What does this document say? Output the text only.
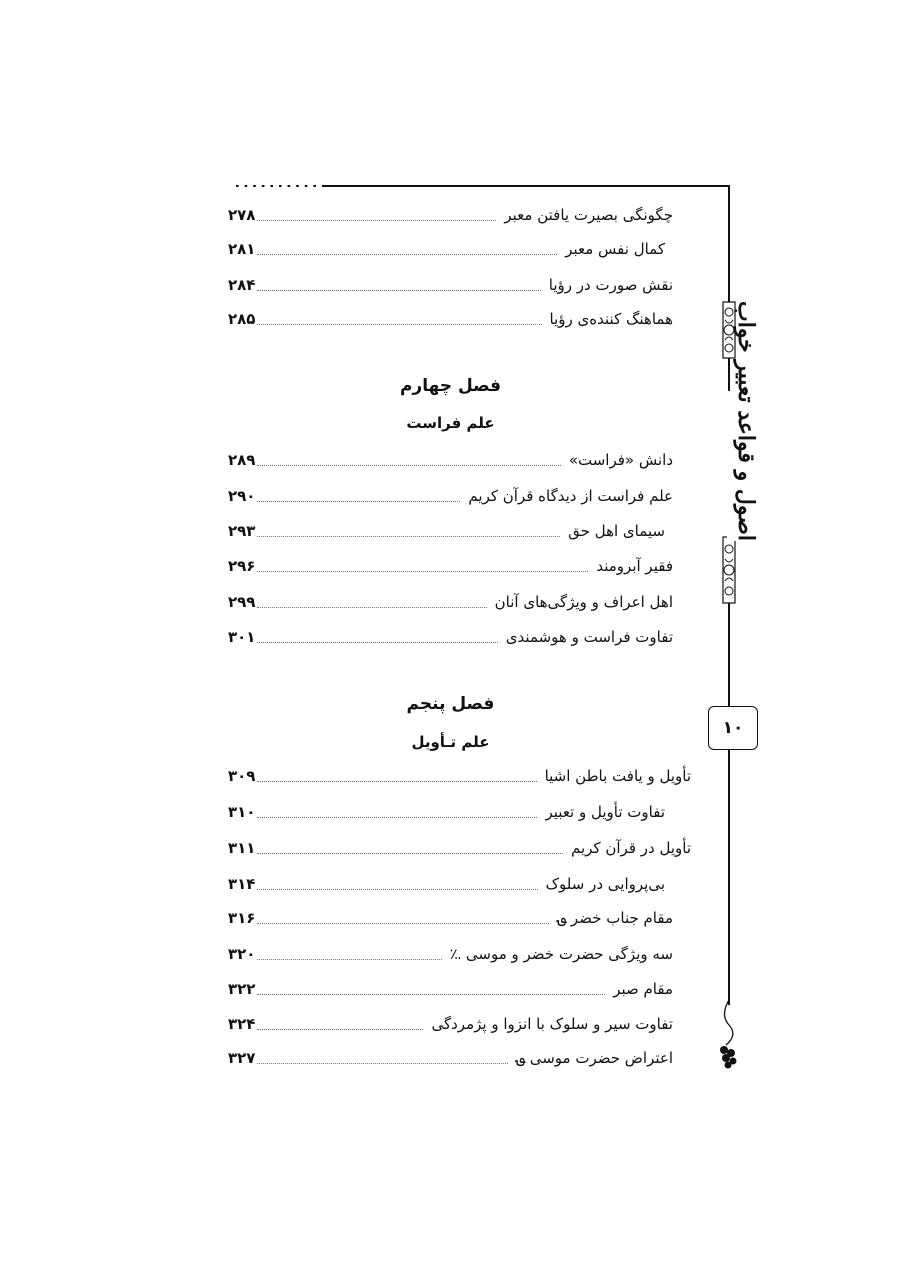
اصول و قواعد تعبیر خواب
۱۰
چگونگی بصیرت یافتن معبر
۲۷۸
کمال نفس معبر
۲۸۱
نقش صورت در رؤیا
۲۸۴
هماهنگ کننده‌ی رؤیا
۲۸۵
دانش «فراست»
۲۸۹
علم فراست از دیدگاه قرآن کریم
۲۹۰
سیمای اهل حق
۲۹۳
فقیر آبرومند
۲۹۶
اهل اعراف و ویژگی‌های آنان
۲۹۹
تفاوت فراست و هوشمندی
۳۰۱
تأویل و یافت باطن اشیا
۳۰۹
تفاوت تأویل و تعبیر
۳۱۰
تأویل در قرآن کریم
۳۱۱
بی‌پروایی در سلوک
۳۱۴
مقام جناب خضر ؈
۳۱۶
سه ویژگی حضرت خضر و موسی ؉
۳۲۰
مقام صبر
۳۲۲
تفاوت سیر و سلوک با انزوا و پژمردگی
۳۲۴
اعتراض حضرت موسی ؈
۳۲۷
فصل چهارم
علم فراست
فصل پنجم
علم تـأویل
